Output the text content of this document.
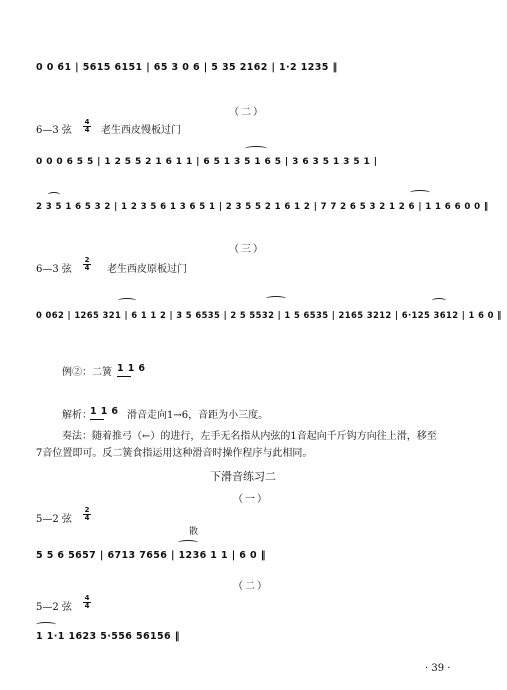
0 0 6̇1 | 5615 6151 | 65 3 0 6 | 5 35 2162 | 1·2 1235 ‖
（二）
6—3 弦 $\frac{4}{4}$ 老生西皮慢板过门
0 0 0 6 5 5 | 1 2 5 5 2 1 6 1 1 | 6 5 1 3 5 1 6 5 | 3 6 3 5 1 3 5 1 |
2 3 5 1 6 5 3 2 | 1 2 3 5 6 1 3 6 5 1 | 2 3 5 5 2 1 6 1 2 | 7 7 2 6 5 3 2 1 2 6 | 1 1 6 6 0 0 ‖
（三）
6—3 弦 $\frac{2}{4}$ 老生西皮原板过门
0 062 | 1265 321 | 6 1 1 2 | 3 5 6535 | 2 5 5532 | 1 5 6535 | 2165 3212 | 6·125 3612 | 1 6 0 ‖
例②：二簧 1 1 6
解析：
1 1 6 滑音走向1→6，音距为小三度。
奏法：随着推弓（←）的进行，左手无名指从内弦的1音起向千斤钩方向往上滑，移至
7音位置即可。反二簧食指运用这种滑音时操作程序与此相同。
下滑音练习二
（一）
5—2 弦 $\frac{2}{4}$
散
5 5 6 5657 | 6713 7656 | 1236 1 1 | 6 0 ‖
（二）
5—2 弦 $\frac{4}{4}$
1 1·1 1623 5·556 56156 ‖
· 39 ·
